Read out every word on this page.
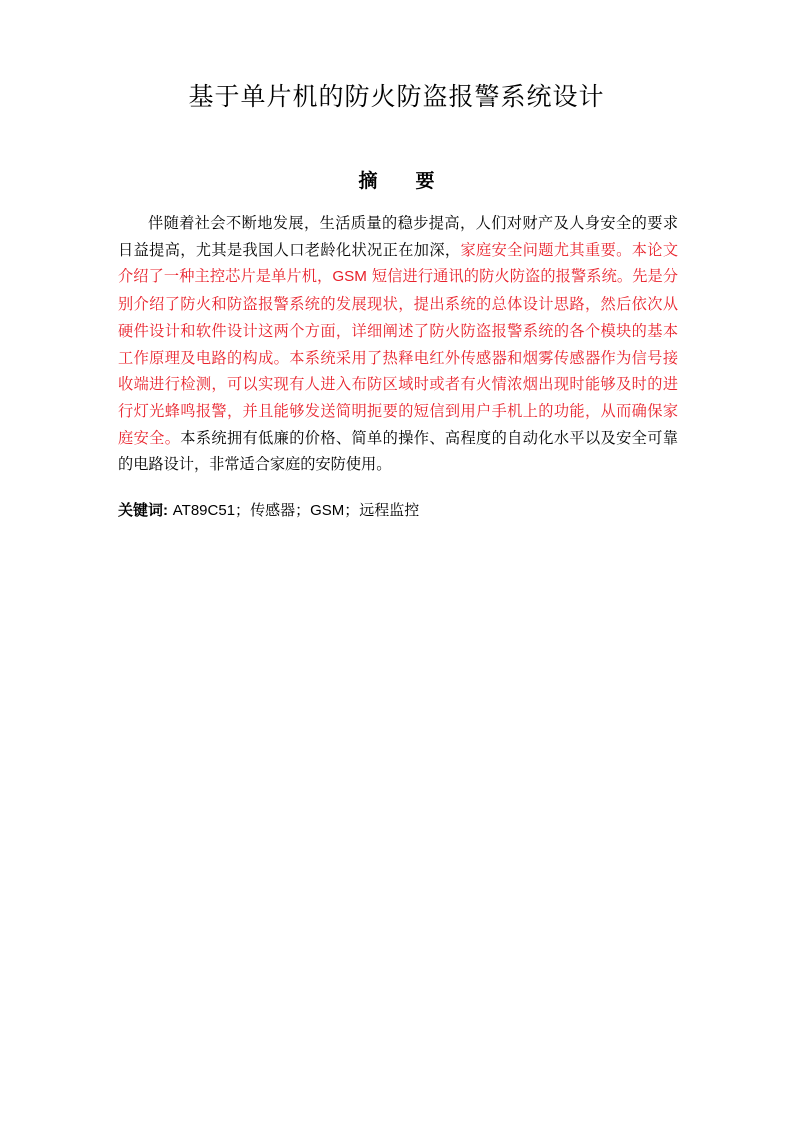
基于单片机的防火防盗报警系统设计
摘 要

伴随着社会不断地发展，生活质量的稳步提高，人们对财产及人身安全的要求日益提高，尤其是我国人口老龄化状况正在加深，家庭安全问题尤其重要。本论文介绍了一种主控芯片是单片机，GSM 短信进行通讯的防火防盗的报警系统。先是分别介绍了防火和防盗报警系统的发展现状，提出系统的总体设计思路，然后依次从硬件设计和软件设计这两个方面，详细阐述了防火防盗报警系统的各个模块的基本工作原理及电路的构成。本系统采用了热释电红外传感器和烟雾传感器作为信号接收端进行检测，可以实现有人进入布防区域时或者有火情浓烟出现时能够及时的进行灯光蜂鸣报警，并且能够发送简明扼要的短信到用户手机上的功能，从而确保家庭安全。本系统拥有低廉的价格、简单的操作、高程度的自动化水平以及安全可靠的电路设计，非常适合家庭的安防使用。

关键词: AT89C51；传感器；GSM；远程监控
